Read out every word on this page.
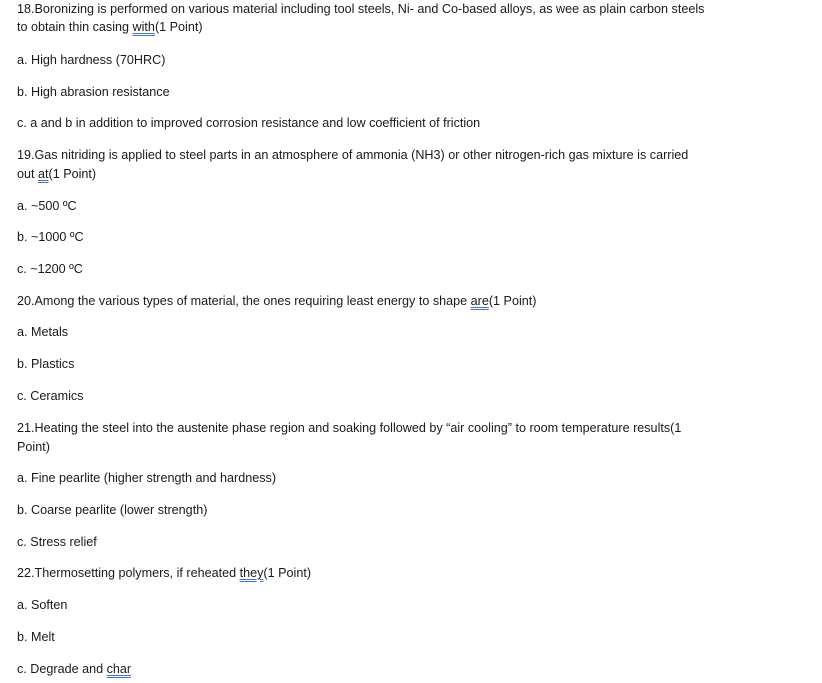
18.Boronizing is performed on various material including tool steels, Ni- and Co-based alloys, as wee as plain carbon steels
to obtain thin casing with(1 Point)
a. High hardness (70HRC)
b. High abrasion resistance
c. a and b in addition to improved corrosion resistance and low coefficient of friction
19.Gas nitriding is applied to steel parts in an atmosphere of ammonia (NH3) or other nitrogen-rich gas mixture is carried
out at(1 Point)
a. ~500 ºC
b. ~1000 ºC
c. ~1200 ºC
20.Among the various types of material, the ones requiring least energy to shape are(1 Point)
a. Metals
b. Plastics
c. Ceramics
21.Heating the steel into the austenite phase region and soaking followed by “air cooling” to room temperature results(1
Point)
a. Fine pearlite (higher strength and hardness)
b. Coarse pearlite (lower strength)
c. Stress relief
22.Thermosetting polymers, if reheated they(1 Point)
a. Soften
b. Melt
c. Degrade and char
